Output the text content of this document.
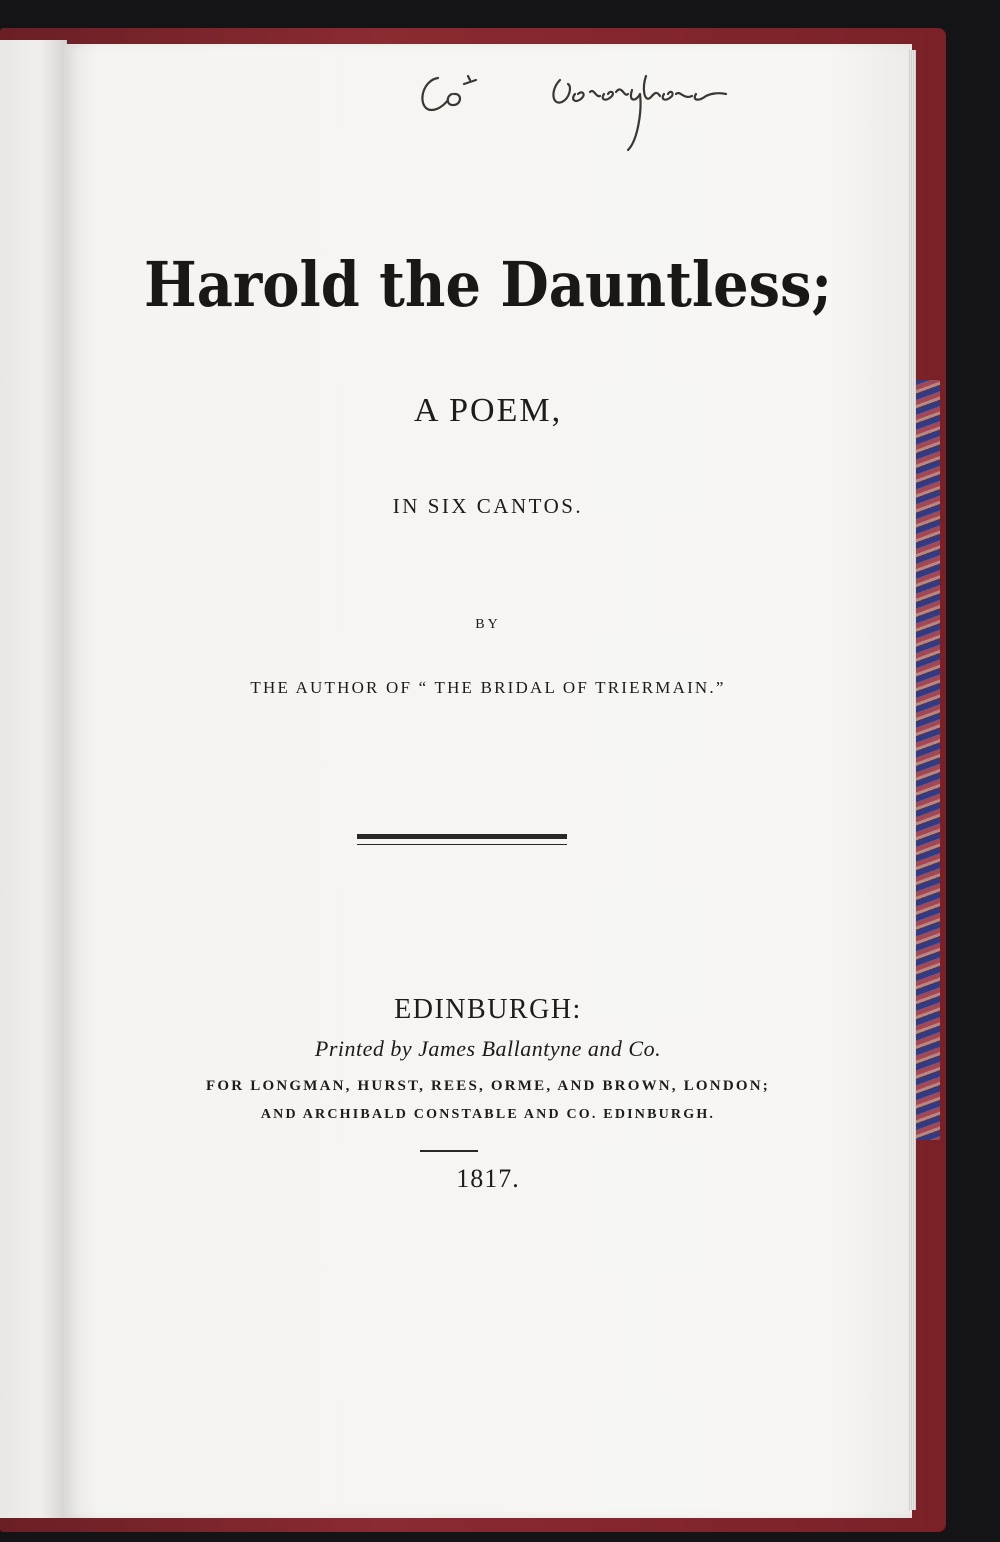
Harold the Dauntless;
A POEM,
IN SIX CANTOS.
BY
THE AUTHOR OF “ THE BRIDAL OF TRIERMAIN.”
EDINBURGH:
Printed by James Ballantyne and Co.
FOR LONGMAN, HURST, REES, ORME, AND BROWN, LONDON;
AND ARCHIBALD CONSTABLE AND CO. EDINBURGH.
1817.
